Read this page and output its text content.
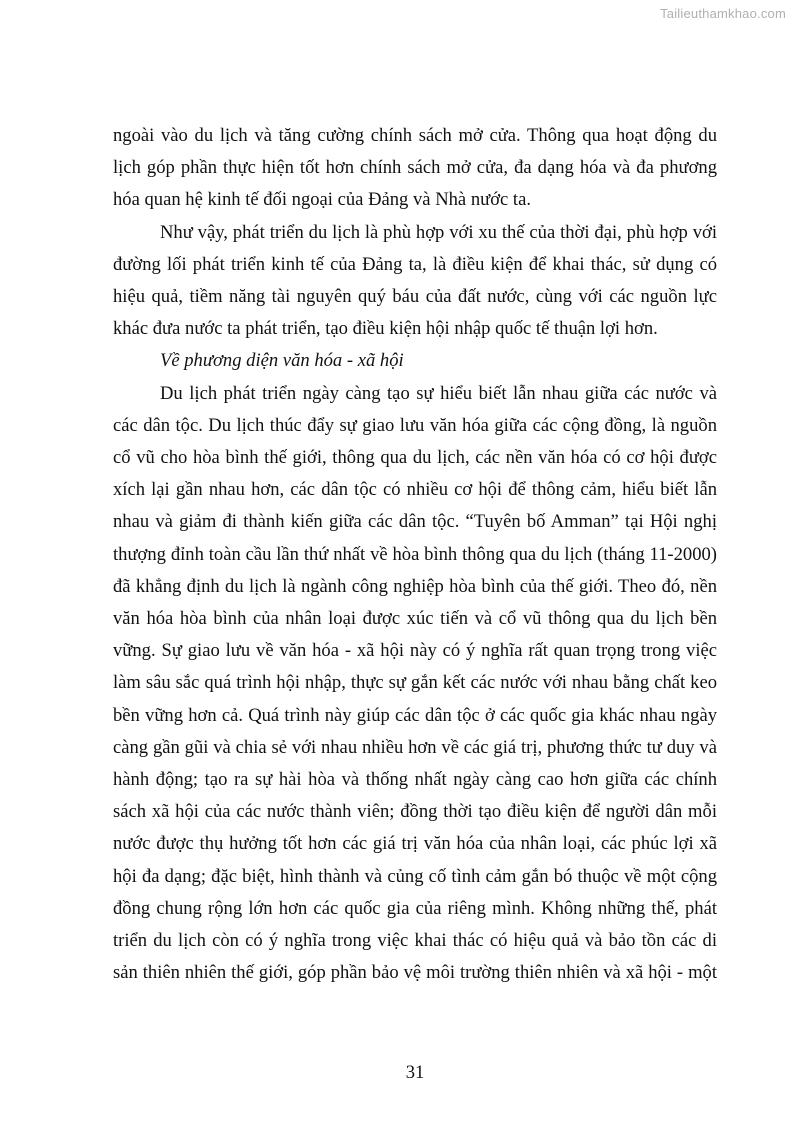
Tailieuthamkhao.com

ngoài vào du lịch và tăng cường chính sách mở cửa. Thông qua hoạt động du lịch góp phần thực hiện tốt hơn chính sách mở cửa, đa dạng hóa và đa phương hóa quan hệ kinh tế đối ngoại của Đảng và Nhà nước ta.

Như vậy, phát triển du lịch là phù hợp với xu thế của thời đại, phù hợp với đường lối phát triển kinh tế của Đảng ta, là điều kiện để khai thác, sử dụng có hiệu quả, tiềm năng tài nguyên quý báu của đất nước, cùng với các nguồn lực khác đưa nước ta phát triển, tạo điều kiện hội nhập quốc tế thuận lợi hơn.

Về phương diện văn hóa - xã hội

Du lịch phát triển ngày càng tạo sự hiểu biết lẫn nhau giữa các nước và các dân tộc. Du lịch thúc đẩy sự giao lưu văn hóa giữa các cộng đồng, là nguồn cổ vũ cho hòa bình thế giới, thông qua du lịch, các nền văn hóa có cơ hội được xích lại gần nhau hơn, các dân tộc có nhiều cơ hội để thông cảm, hiểu biết lẫn nhau và giảm đi thành kiến giữa các dân tộc. “Tuyên bố Amman” tại Hội nghị thượng đỉnh toàn cầu lần thứ nhất về hòa bình thông qua du lịch (tháng 11-2000) đã khẳng định du lịch là ngành công nghiệp hòa bình của thế giới. Theo đó, nền văn hóa hòa bình của nhân loại được xúc tiến và cổ vũ thông qua du lịch bền vững. Sự giao lưu về văn hóa - xã hội này có ý nghĩa rất quan trọng trong việc làm sâu sắc quá trình hội nhập, thực sự gắn kết các nước với nhau bằng chất keo bền vững hơn cả. Quá trình này giúp các dân tộc ở các quốc gia khác nhau ngày càng gần gũi và chia sẻ với nhau nhiều hơn về các giá trị, phương thức tư duy và hành động; tạo ra sự hài hòa và thống nhất ngày càng cao hơn giữa các chính sách xã hội của các nước thành viên; đồng thời tạo điều kiện để người dân mỗi nước được thụ hưởng tốt hơn các giá trị văn hóa của nhân loại, các phúc lợi xã hội đa dạng; đặc biệt, hình thành và củng cố tình cảm gắn bó thuộc về một cộng đồng chung rộng lớn hơn các quốc gia của riêng mình. Không những thế, phát triển du lịch còn có ý nghĩa trong việc khai thác có hiệu quả và bảo tồn các di sản thiên nhiên thế giới, góp phần bảo vệ môi trường thiên nhiên và xã hội - một

31
